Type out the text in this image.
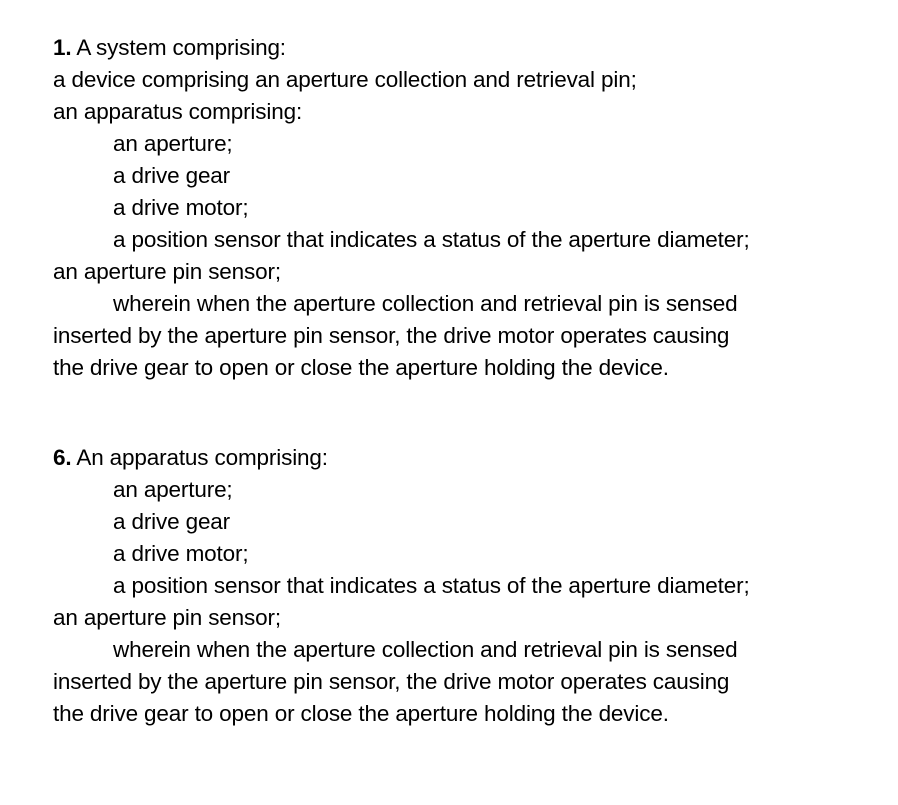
1. A system comprising:
a device comprising an aperture collection and retrieval pin;
an apparatus comprising:
an aperture;
a drive gear
a drive motor;
a position sensor that indicates a status of the aperture diameter;
an aperture pin sensor;
wherein when the aperture collection and retrieval pin is sensed
inserted by the aperture pin sensor, the drive motor operates causing
the drive gear to open or close the aperture holding the device.
6. An apparatus comprising:
an aperture;
a drive gear
a drive motor;
a position sensor that indicates a status of the aperture diameter;
an aperture pin sensor;
wherein when the aperture collection and retrieval pin is sensed
inserted by the aperture pin sensor, the drive motor operates causing
the drive gear to open or close the aperture holding the device.
